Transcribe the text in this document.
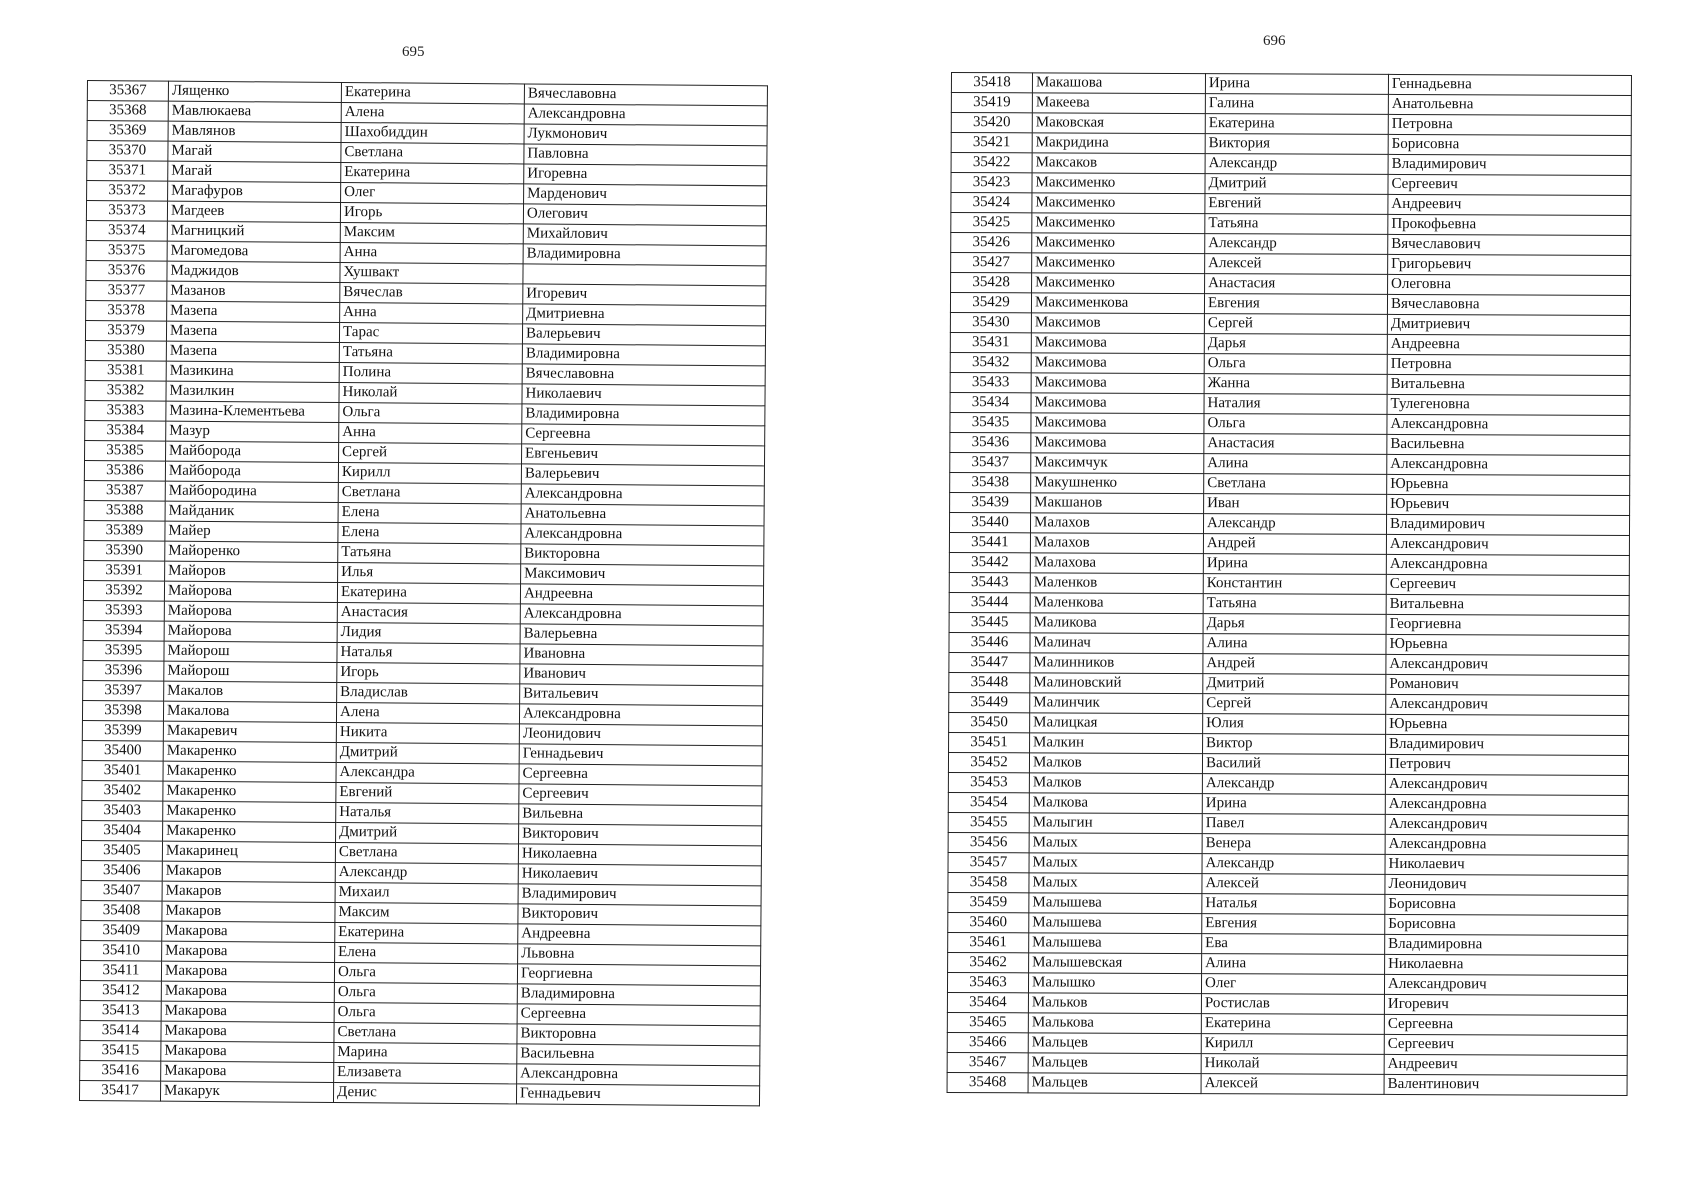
695
696
35367	Лященко	Екатерина	Вячеславовна
35368	Мавлюкаева	Алена	Александровна
35369	Мавлянов	Шахобиддин	Лукмонович
35370	Магай	Светлана	Павловна
35371	Магай	Екатерина	Игоревна
35372	Магафуров	Олег	Марденович
35373	Магдеев	Игорь	Олегович
35374	Магницкий	Максим	Михайлович
35375	Магомедова	Анна	Владимировна
35376	Маджидов	Хушвакт	
35377	Мазанов	Вячеслав	Игоревич
35378	Мазепа	Анна	Дмитриевна
35379	Мазепа	Тарас	Валерьевич
35380	Мазепа	Татьяна	Владимировна
35381	Мазикина	Полина	Вячеславовна
35382	Мазилкин	Николай	Николаевич
35383	Мазина-Клементьева	Ольга	Владимировна
35384	Мазур	Анна	Сергеевна
35385	Майборода	Сергей	Евгеньевич
35386	Майборода	Кирилл	Валерьевич
35387	Майбородина	Светлана	Александровна
35388	Майданик	Елена	Анатольевна
35389	Майер	Елена	Александровна
35390	Майоренко	Татьяна	Викторовна
35391	Майоров	Илья	Максимович
35392	Майорова	Екатерина	Андреевна
35393	Майорова	Анастасия	Александровна
35394	Майорова	Лидия	Валерьевна
35395	Майорош	Наталья	Ивановна
35396	Майорош	Игорь	Иванович
35397	Макалов	Владислав	Витальевич
35398	Макалова	Алена	Александровна
35399	Макаревич	Никита	Леонидович
35400	Макаренко	Дмитрий	Геннадьевич
35401	Макаренко	Александра	Сергеевна
35402	Макаренко	Евгений	Сергеевич
35403	Макаренко	Наталья	Вильевна
35404	Макаренко	Дмитрий	Викторович
35405	Макаринец	Светлана	Николаевна
35406	Макаров	Александр	Николаевич
35407	Макаров	Михаил	Владимирович
35408	Макаров	Максим	Викторович
35409	Макарова	Екатерина	Андреевна
35410	Макарова	Елена	Львовна
35411	Макарова	Ольга	Георгиевна
35412	Макарова	Ольга	Владимировна
35413	Макарова	Ольга	Сергеевна
35414	Макарова	Светлана	Викторовна
35415	Макарова	Марина	Васильевна
35416	Макарова	Елизавета	Александровна
35417	Макарук	Денис	Геннадьевич
35418	Макашова	Ирина	Геннадьевна
35419	Макеева	Галина	Анатольевна
35420	Маковская	Екатерина	Петровна
35421	Макридина	Виктория	Борисовна
35422	Максаков	Александр	Владимирович
35423	Максименко	Дмитрий	Сергеевич
35424	Максименко	Евгений	Андреевич
35425	Максименко	Татьяна	Прокофьевна
35426	Максименко	Александр	Вячеславович
35427	Максименко	Алексей	Григорьевич
35428	Максименко	Анастасия	Олеговна
35429	Максименкова	Евгения	Вячеславовна
35430	Максимов	Сергей	Дмитриевич
35431	Максимова	Дарья	Андреевна
35432	Максимова	Ольга	Петровна
35433	Максимова	Жанна	Витальевна
35434	Максимова	Наталия	Тулегеновна
35435	Максимова	Ольга	Александровна
35436	Максимова	Анастасия	Васильевна
35437	Максимчук	Алина	Александровна
35438	Макушненко	Светлана	Юрьевна
35439	Макшанов	Иван	Юрьевич
35440	Малахов	Александр	Владимирович
35441	Малахов	Андрей	Александрович
35442	Малахова	Ирина	Александровна
35443	Маленков	Константин	Сергеевич
35444	Маленкова	Татьяна	Витальевна
35445	Маликова	Дарья	Георгиевна
35446	Малинач	Алина	Юрьевна
35447	Малинников	Андрей	Александрович
35448	Малиновский	Дмитрий	Романович
35449	Малинчик	Сергей	Александрович
35450	Малицкая	Юлия	Юрьевна
35451	Малкин	Виктор	Владимирович
35452	Малков	Василий	Петрович
35453	Малков	Александр	Александрович
35454	Малкова	Ирина	Александровна
35455	Малыгин	Павел	Александрович
35456	Малых	Венера	Александровна
35457	Малых	Александр	Николаевич
35458	Малых	Алексей	Леонидович
35459	Малышева	Наталья	Борисовна
35460	Малышева	Евгения	Борисовна
35461	Малышева	Ева	Владимировна
35462	Малышевская	Алина	Николаевна
35463	Малышко	Олег	Александрович
35464	Мальков	Ростислав	Игоревич
35465	Малькова	Екатерина	Сергеевна
35466	Мальцев	Кирилл	Сергеевич
35467	Мальцев	Николай	Андреевич
35468	Мальцев	Алексей	Валентинович
